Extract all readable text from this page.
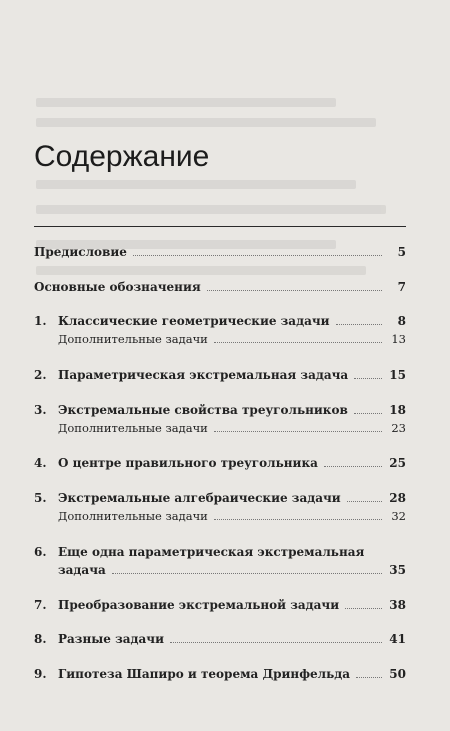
Содержание
Предисловие	5
Основные обозначения	7
1. Классические геометрические задачи	8
Дополнительные задачи	13
2. Параметрическая экстремальная задача	15
3. Экстремальные свойства треугольников	18
Дополнительные задачи	23
4. О центре правильного треугольника	25
5. Экстремальные алгебраические задачи	28
Дополнительные задачи	32
6. Еще одна параметрическая экстремальная
задача	35
7. Преобразование экстремальной задачи	38
8. Разные задачи	41
9. Гипотеза Шапиро и теорема Дринфельда	50
